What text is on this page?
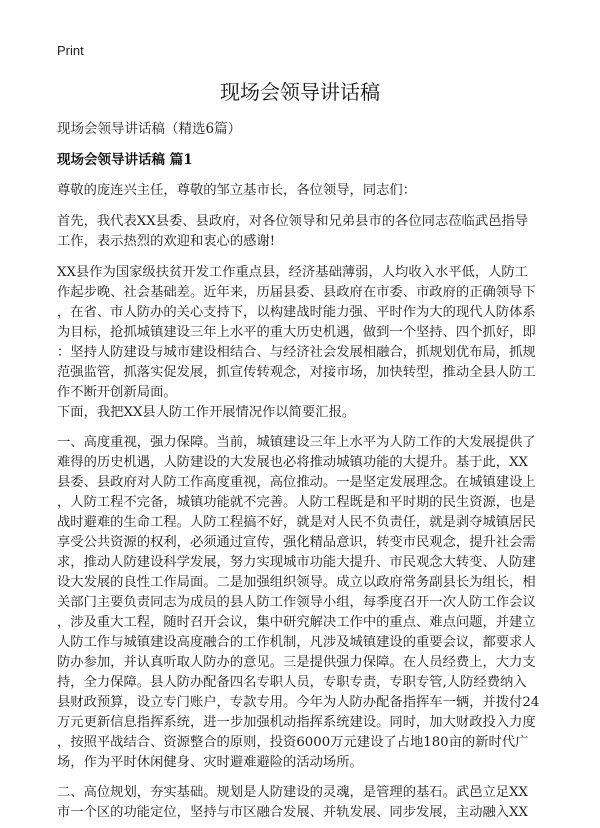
Print
现场会领导讲话稿
现场会领导讲话稿（精选6篇）
现场会领导讲话稿 篇1

尊敬的庞连兴主任，尊敬的邹立基市长，各位领导，同志们：

首先，我代表XX县委、县政府，对各位领导和兄弟县市的各位同志莅临武邑指导
工作，表示热烈的欢迎和衷心的感谢!

XX县作为国家级扶贫开发工作重点县，经济基础薄弱，人均收入水平低，人防工
作起步晚、社会基础差。近年来，历届县委、县政府在市委、市政府的正确领导下
，在省、市人防办的关心支持下，以构建战时能力强、平时作为大的现代人防体系
为目标，抢抓城镇建设三年上水平的重大历史机遇，做到一个坚持、四个抓好，即
：坚持人防建设与城市建设相结合、与经济社会发展相融合，抓规划优布局，抓规
范强监管，抓落实促发展，抓宣传转观念，对接市场，加快转型，推动全县人防工
作不断开创新局面。

下面，我把XX县人防工作开展情况作以简要汇报。

一、高度重视，强力保障。当前，城镇建设三年上水平为人防工作的大发展提供了
难得的历史机遇，人防建设的大发展也必将推动城镇功能的大提升。基于此，XX
县委、县政府对人防工作高度重视，高位推动。一是坚定发展理念。在城镇建设上
，人防工程不完备，城镇功能就不完善。人防工程既是和平时期的民生资源，也是
战时避难的生命工程。人防工程搞不好，就是对人民不负责任，就是剥夺城镇居民
享受公共资源的权利，必须通过宣传，强化精品意识，转变市民观念，提升社会需
求，推动人防建设科学发展，努力实现城市功能大提升、市民观念大转变、人防建
设大发展的良性工作局面。二是加强组织领导。成立以政府常务副县长为组长，相
关部门主要负责同志为成员的县人防工作领导小组，每季度召开一次人防工作会议
，涉及重大工程，随时召开会议，集中研究解决工作中的重点、难点问题，并建立
人防工作与城镇建设高度融合的工作机制，凡涉及城镇建设的重要会议，都要求人
防办参加，并认真听取人防办的意见。三是提供强力保障。在人员经费上，大力支
持，全力保障。县人防办配备四名专职人员，专职专责，专职专管,人防经费纳入
县财政预算，设立专门账户，专款专用。今年为人防办配备指挥车一辆，并拨付24
万元更新信息指挥系统，进一步加强机动指挥系统建设。同时，加大财政投入力度
，按照平战结合、资源整合的原则，投资6000万元建设了占地180亩的新时代广
场，作为平时休闲健身、灾时避难避险的活动场所。

二、高位规划，夯实基础。规划是人防建设的灵魂，是管理的基石。武邑立足XX
市一个区的功能定位，坚持与市区融合发展、并轨发展、同步发展，主动融入XX
